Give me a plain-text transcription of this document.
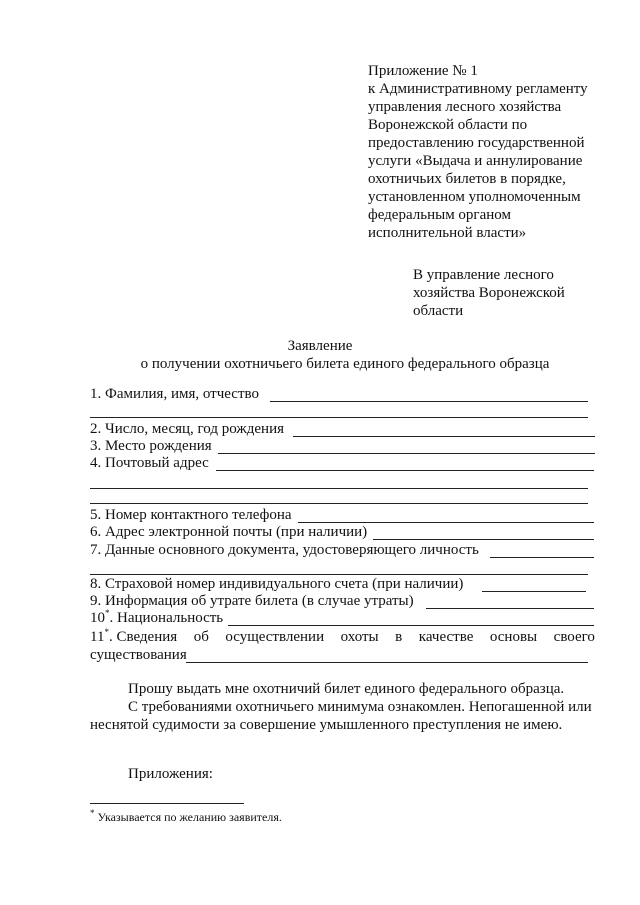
Приложение № 1
к Административному регламенту
управления лесного хозяйства
Воронежской области по
предоставлению государственной
услуги «Выдача и аннулирование
охотничьих билетов в порядке,
установленном уполномоченным
федеральным органом
исполнительной власти»
В управление лесного
хозяйства Воронежской
области
Заявление
о получении охотничьего билета единого федерального образца
1. Фамилия, имя, отчество
2. Число, месяц, год рождения
3. Место рождения
4. Почтовый адрес
5. Номер контактного телефона
6. Адрес электронной почты (при наличии)
7. Данные основного документа, удостоверяющего личность
8. Страховой номер индивидуального счета (при наличии)
9. Информация об утрате билета (в случае утраты)
10*. Национальность
11*. Сведения об осуществлении охоты в качестве основы своего
существования
Прошу выдать мне охотничий билет единого федерального образца.
С требованиями охотничьего минимума ознакомлен. Непогашенной или
неснятой судимости за совершение умышленного преступления не имею.
Приложения:
* Указывается по желанию заявителя.
